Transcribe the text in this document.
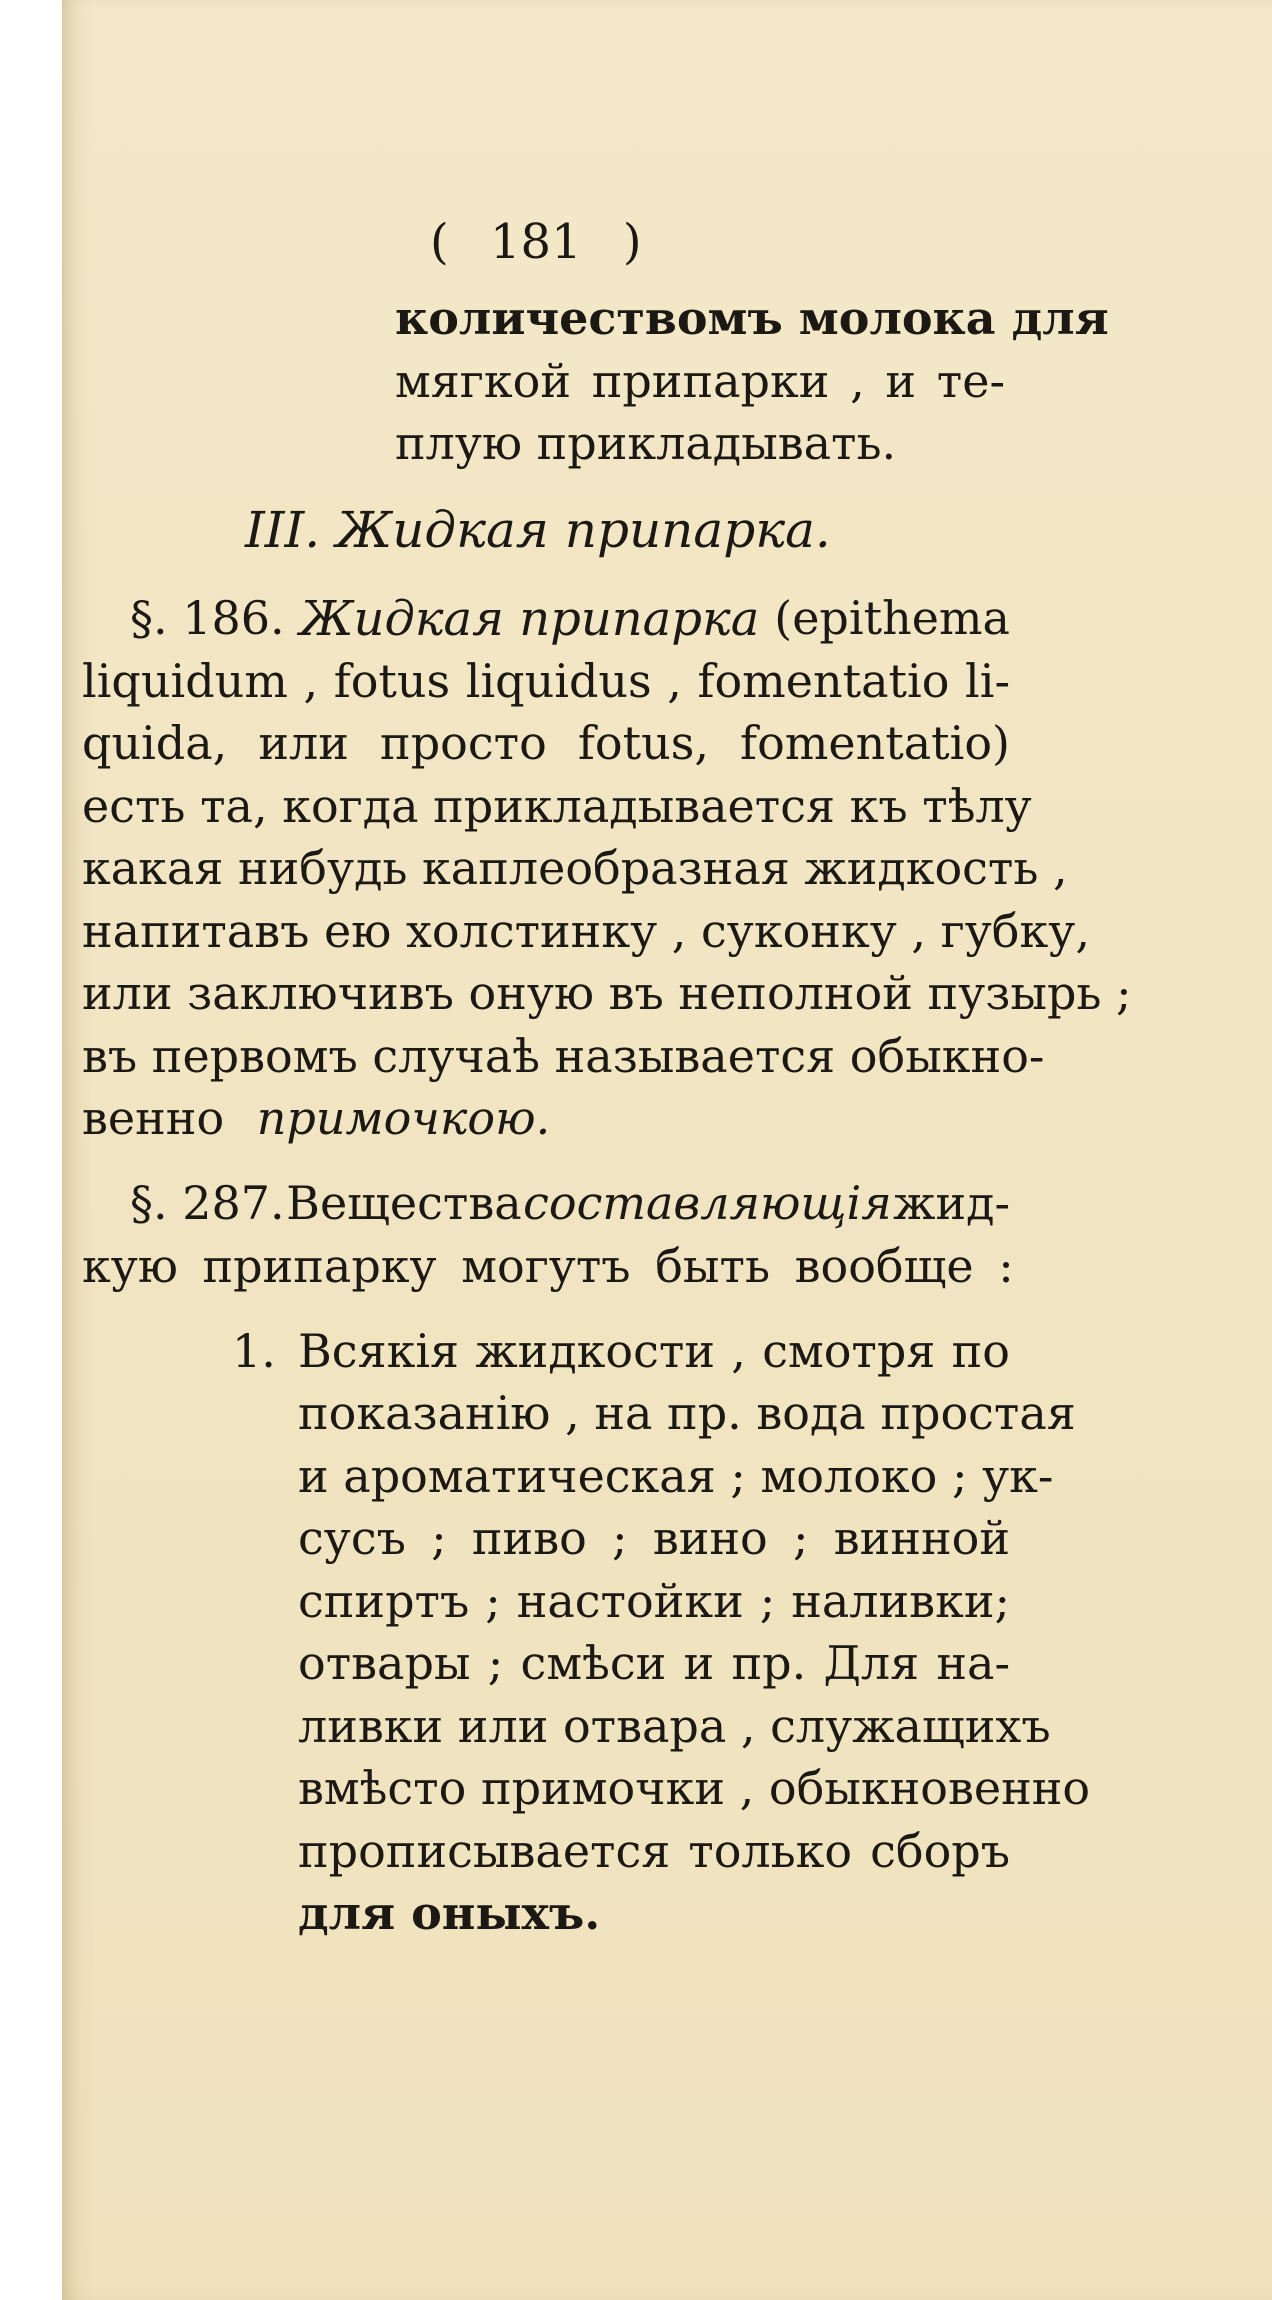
( 181 )
количествомъ молока для
мягкой припарки , и те-
плую прикладывать.
III. Жидкая припарка.
§. 186. Жидкая припарка (epithema
liquidum , fotus liquidus , fomentatio li-
quida, или просто fotus, fomentatio)
есть та, когда прикладывается къ тѣлу
какая нибудь каплеобразная жидкость ,
напитавъ ею холстинку , суконку , губку,
или заключивъ оную въ неполной пузырь ;
въ первомъ случаѣ называется обыкно-
венно примочкою.
§. 287. Вещества составляющія жид-
кую припарку могутъ быть вообще :
1. Всякія жидкости , смотря по
показанію , на пр. вода простая
и ароматическая ; молоко ; ук-
сусъ ; пиво ; вино ; винной
спиртъ ; настойки ; наливки;
отвары ; смѣси и пр. Для на-
ливки или отвара , служащихъ
вмѣсто примочки , обыкновенно
прописывается только сборъ
для оныхъ.
